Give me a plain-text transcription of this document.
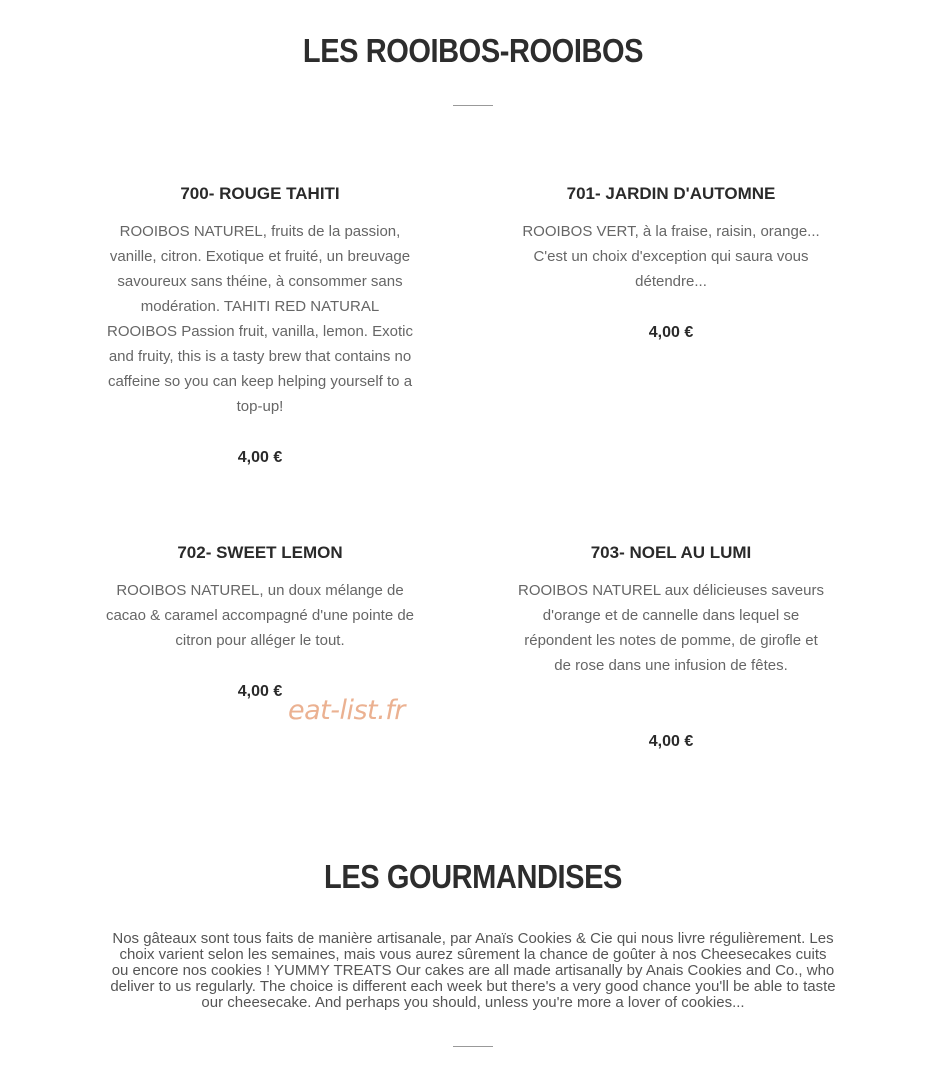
LES ROOIBOS-ROOIBOS
700- ROUGE TAHITI

ROOIBOS NATUREL, fruits de la passion, vanille, citron. Exotique et fruité, un breuvage savoureux sans théine, à consommer sans modération. TAHITI RED NATURAL ROOIBOS Passion fruit, vanilla, lemon. Exotic and fruity, this is a tasty brew that contains no caffeine so you can keep helping yourself to a top-up!

4,00 €

701- JARDIN D'AUTOMNE

ROOIBOS VERT, à la fraise, raisin, orange... C'est un choix d'exception qui saura vous détendre...

4,00 €

702- SWEET LEMON

ROOIBOS NATUREL, un doux mélange de cacao & caramel accompagné d'une pointe de citron pour alléger le tout.

4,00 €

703- NOEL AU LUMI

ROOIBOS NATUREL aux délicieuses saveurs d'orange et de cannelle dans lequel se répondent les notes de pomme, de girofle et de rose dans une infusion de fêtes.

4,00 €

eat-list.fr
LES GOURMANDISES

Nos gâteaux sont tous faits de manière artisanale, par Anaïs Cookies & Cie qui nous livre régulièrement. Les choix varient selon les semaines, mais vous aurez sûrement la chance de goûter à nos Cheesecakes cuits ou encore nos cookies ! YUMMY TREATS Our cakes are all made artisanally by Anais Cookies and Co., who deliver to us regularly. The choice is different each week but there's a very good chance you'll be able to taste our cheesecake. And perhaps you should, unless you're more a lover of cookies...
